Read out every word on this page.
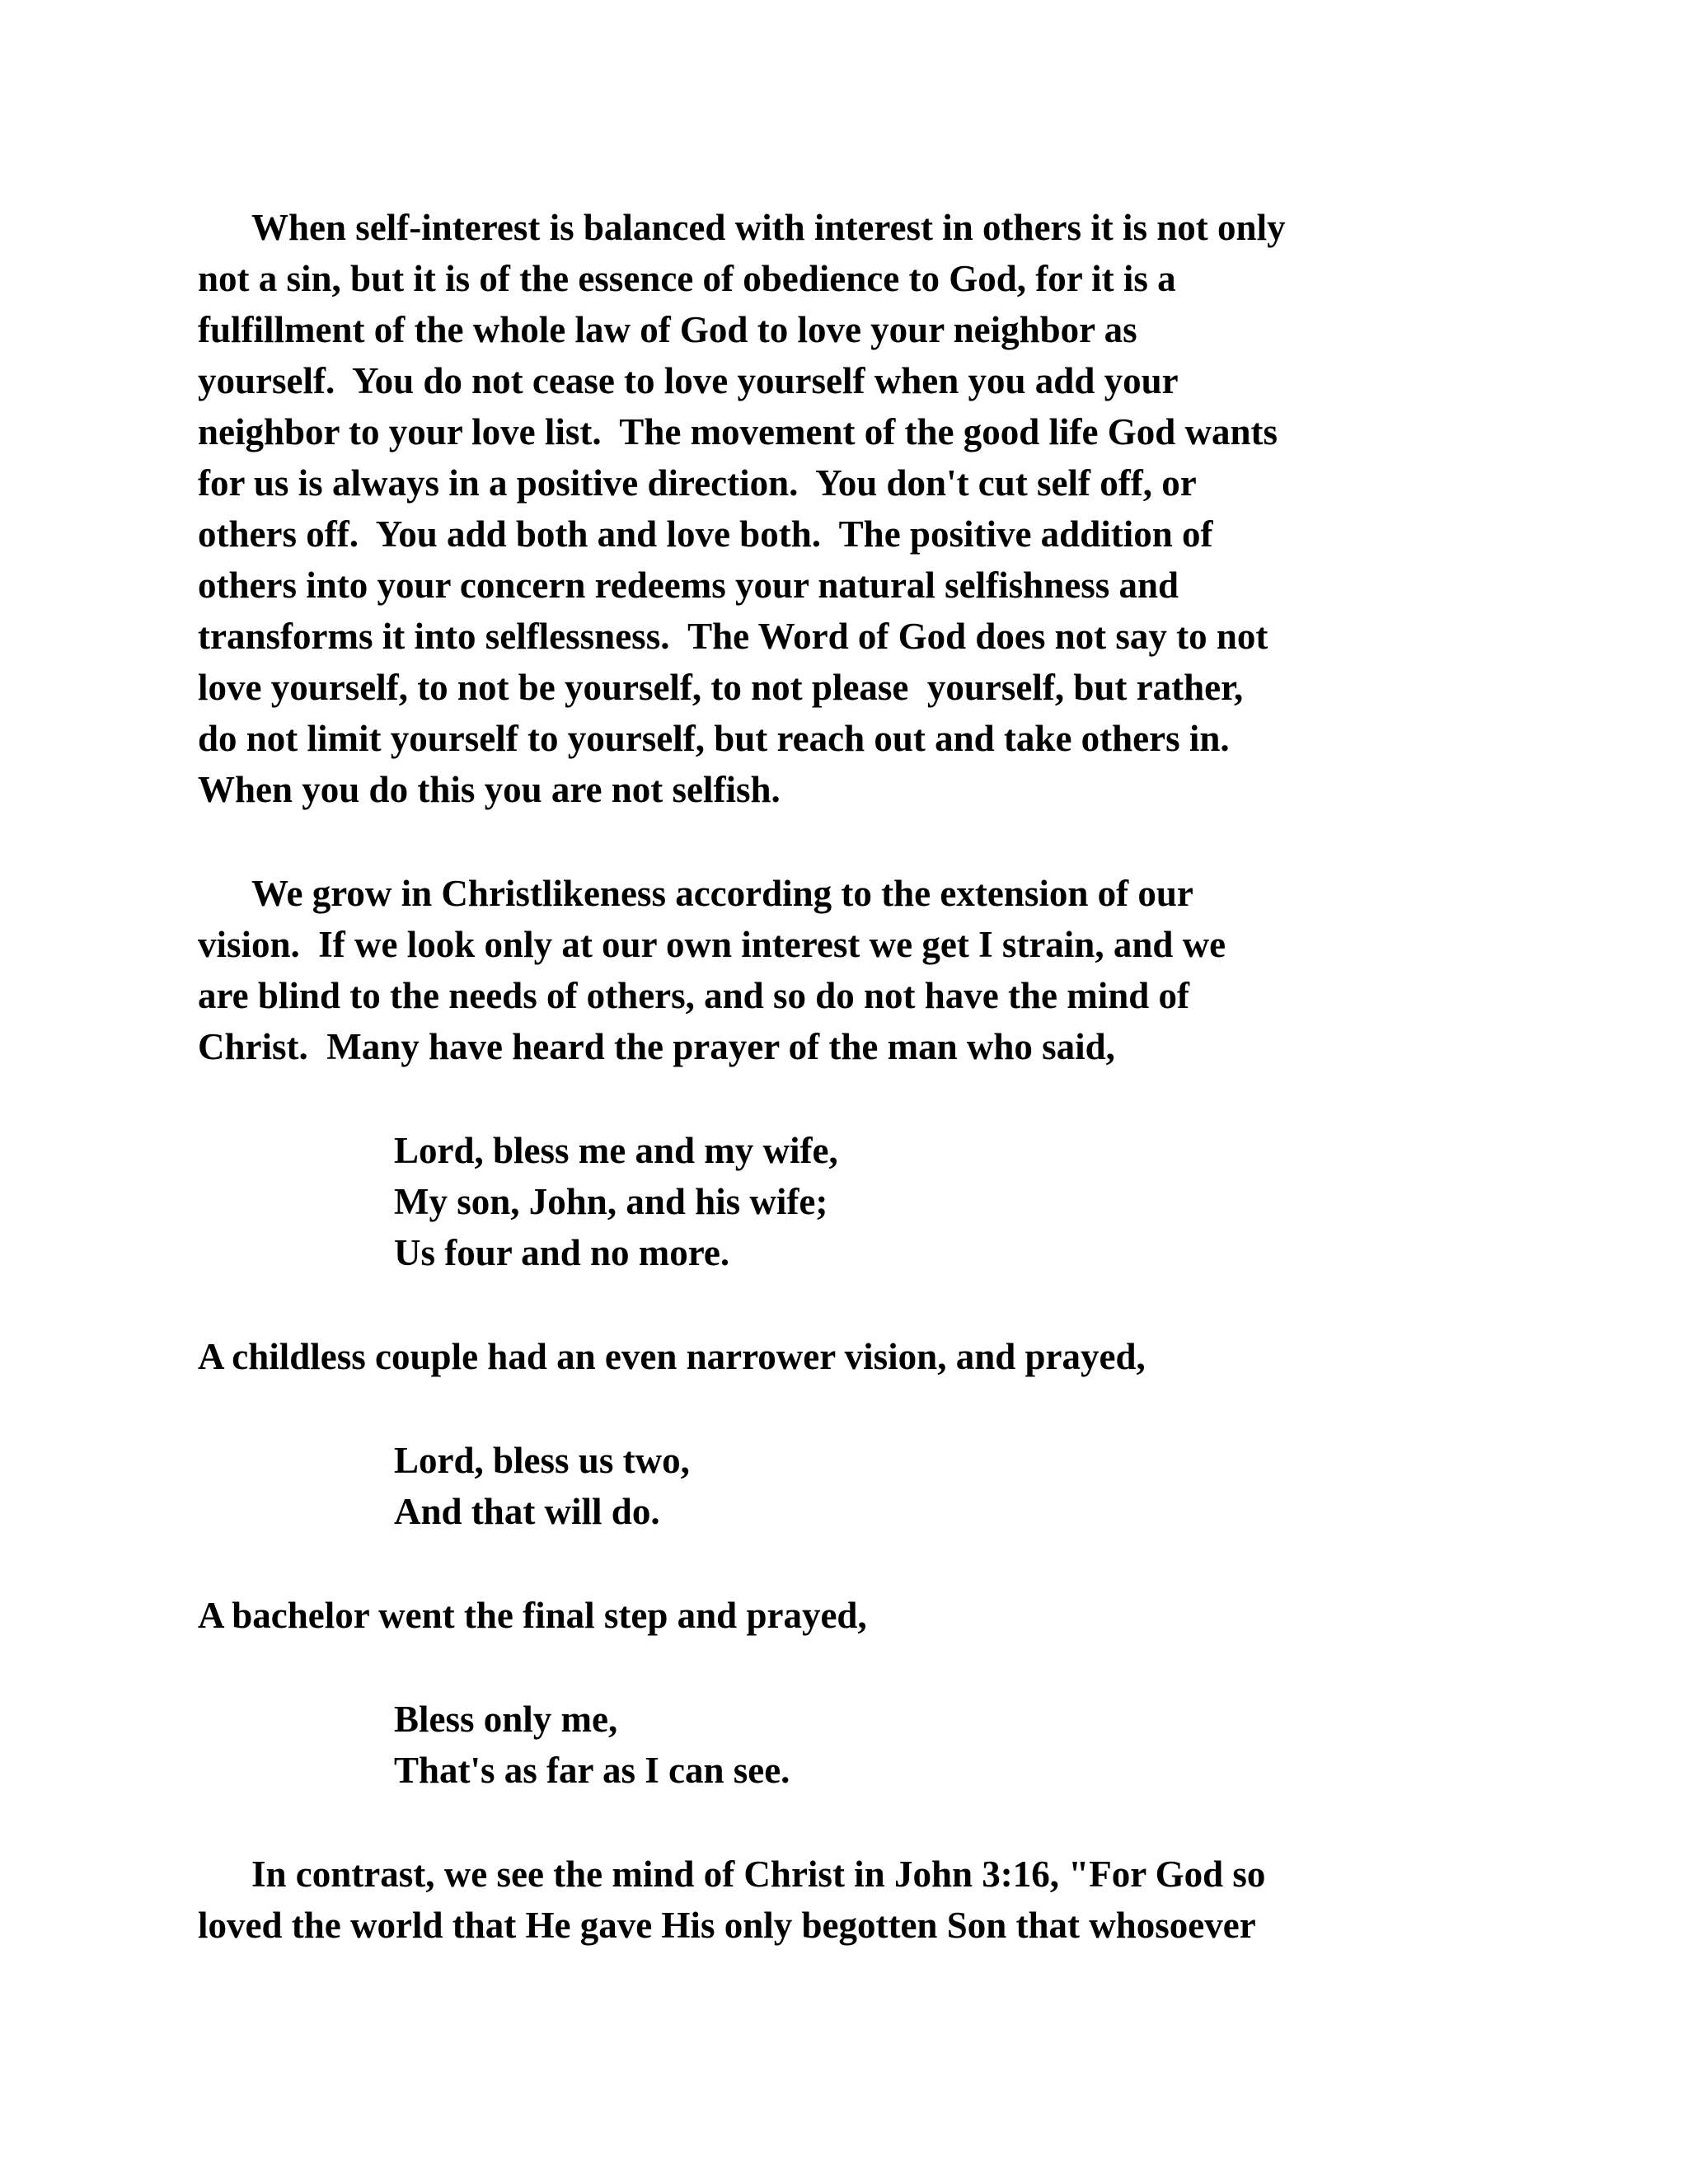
When self-interest is balanced with interest in others it is not only
not a sin, but it is of the essence of obedience to God, for it is a
fulfillment of the whole law of God to love your neighbor as
yourself.  You do not cease to love yourself when you add your
neighbor to your love list.  The movement of the good life God wants
for us is always in a positive direction.  You don't cut self off, or
others off.  You add both and love both.  The positive addition of
others into your concern redeems your natural selfishness and
transforms it into selflessness.  The Word of God does not say to not
love yourself, to not be yourself, to not please  yourself, but rather,
do not limit yourself to yourself, but reach out and take others in.
When you do this you are not selfish.
We grow in Christlikeness according to the extension of our
vision.  If we look only at our own interest we get I strain, and we
are blind to the needs of others, and so do not have the mind of
Christ.  Many have heard the prayer of the man who said,
Lord, bless me and my wife,
My son, John, and his wife;
Us four and no more.
A childless couple had an even narrower vision, and prayed,
Lord, bless us two,
And that will do.
A bachelor went the final step and prayed,
Bless only me,
That's as far as I can see.
In contrast, we see the mind of Christ in John 3:16, "For God so
loved the world that He gave His only begotten Son that whosoever
